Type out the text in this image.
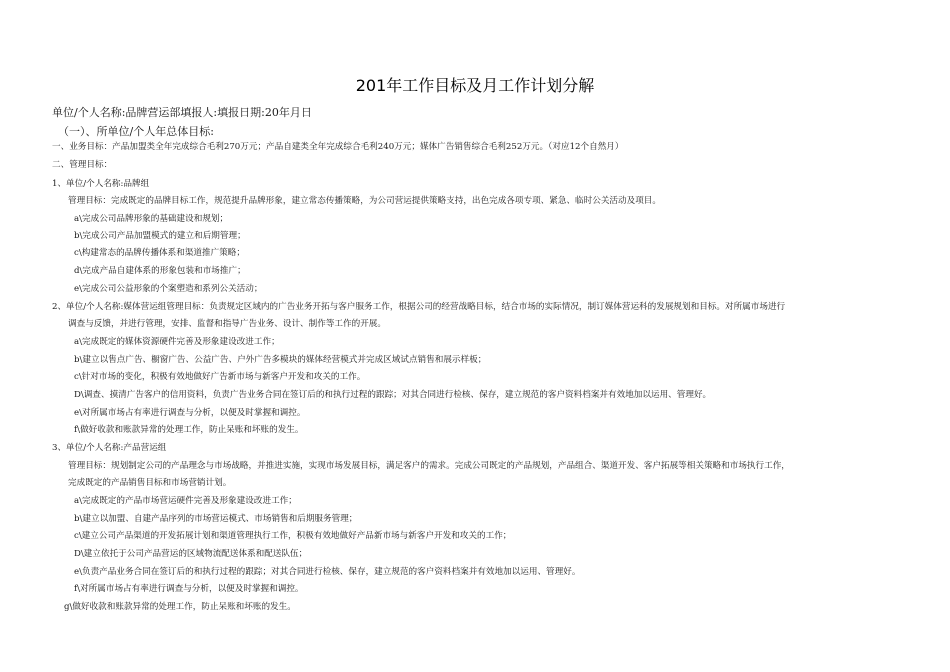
201年工作目标及月工作计划分解
单位/个人名称:品牌营运部填报人:填报日期:20年月日
（一）、所单位/个人年总体目标:
一、业务目标：产品加盟类全年完成综合毛利270万元；产品自建类全年完成综合毛利240万元；媒体广告销售综合毛利252万元。（对应12个自然月）
二、管理目标：
1、单位/个人名称:品牌组
管理目标：完成既定的品牌目标工作，规范提升品牌形象，建立常态传播策略，为公司营运提供策略支持，出色完成各项专项、紧急、临时公关活动及项目。
a\完成公司品牌形象的基础建设和规划；
b\完成公司产品加盟模式的建立和后期管理；
c\构建常态的品牌传播体系和渠道推广策略；
d\完成产品自建体系的形象包装和市场推广；
e\完成公司公益形象的个案塑造和系列公关活动；
2、单位/个人名称:媒体营运组管理目标：负责规定区域内的广告业务开拓与客户服务工作，根据公司的经营战略目标，结合市场的实际情况，制订媒体营运科的发展规划和目标。对所属市场进行
调查与反馈，并进行管理，安排、监督和指导广告业务、设计、制作等工作的开展。
a\完成既定的媒体资源硬件完善及形象建设改进工作；
b\建立以售点广告、橱窗广告、公益广告、户外广告多模块的媒体经营模式并完成区域试点销售和展示样板；
c\针对市场的变化，积极有效地做好广告新市场与新客户开发和攻关的工作。
D\调查、摸清广告客户的信用资料，负责广告业务合同在签订后的和执行过程的跟踪；对其合同进行检核、保存，建立规范的客户资料档案并有效地加以运用、管理好。
e\对所属市场占有率进行调查与分析，以便及时掌握和调控。
f\做好收款和账款异常的处理工作，防止呆账和坏账的发生。
3、单位/个人名称:产品营运组
管理目标：规划制定公司的产品理念与市场战略，并推进实施，实现市场发展目标，满足客户的需求。完成公司既定的产品规划，产品组合、渠道开发、客户拓展等相关策略和市场执行工作，
完成既定的产品销售目标和市场营销计划。
a\完成既定的产品市场营运硬件完善及形象建设改进工作；
b\建立以加盟、自建产品序列的市场营运模式、市场销售和后期服务管理；
c\建立公司产品渠道的开发拓展计划和渠道管理执行工作，积极有效地做好产品新市场与新客户开发和攻关的工作；
D\建立依托于公司产品营运的区域物流配送体系和配送队伍；
e\负责产品业务合同在签订后的和执行过程的跟踪；对其合同进行检核、保存，建立规范的客户资料档案并有效地加以运用、管理好。
f\对所属市场占有率进行调查与分析，以便及时掌握和调控。
g\做好收款和账款异常的处理工作，防止呆账和坏账的发生。
